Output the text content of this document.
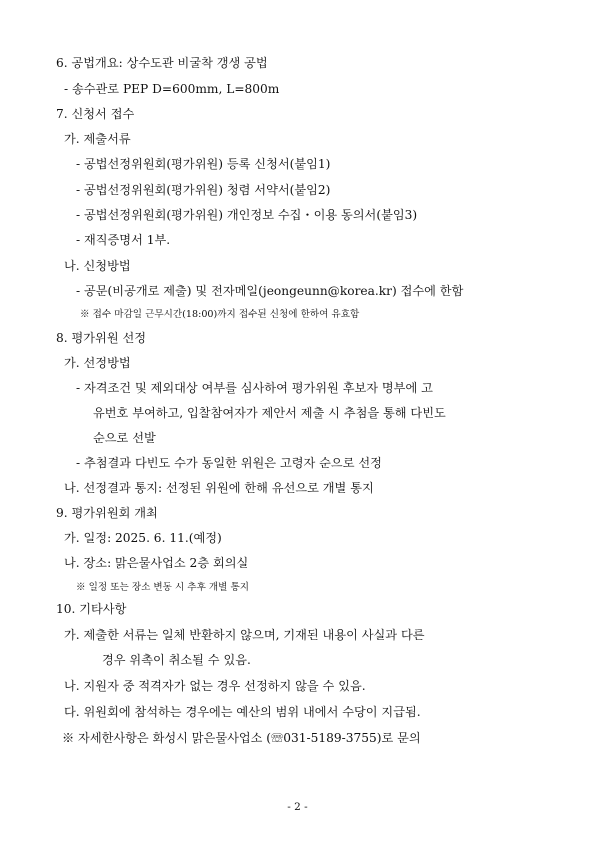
6. 공법개요: 상수도관 비굴착 갱생 공법
- 송수관로 PEP D=600mm, L=800m
7. 신청서 접수
가. 제출서류
- 공법선정위원회(평가위원) 등록 신청서(붙임1)
- 공법선정위원회(평가위원) 청렴 서약서(붙임2)
- 공법선정위원회(평가위원) 개인정보 수집・이용 동의서(붙임3)
- 재직증명서 1부.
나. 신청방법
- 공문(비공개로 제출) 및 전자메일(jeongeunn@korea.kr) 접수에 한함
※ 접수 마감일 근무시간(18:00)까지 접수된 신청에 한하여 유효함
8. 평가위원 선정
가. 선정방법
- 자격조건 및 제외대상 여부를 심사하여 평가위원 후보자 명부에 고
유번호 부여하고, 입찰참여자가 제안서 제출 시 추첨을 통해 다빈도
순으로 선발
- 추첨결과 다빈도 수가 동일한 위원은 고령자 순으로 선정
나. 선정결과 통지: 선정된 위원에 한해 유선으로 개별 통지
9. 평가위원회 개최
가. 일정: 2025. 6. 11.(예정)
나. 장소: 맑은물사업소 2층 회의실
※ 일정 또는 장소 변동 시 추후 개별 통지
10. 기타사항
가. 제출한 서류는 일체 반환하지 않으며, 기재된 내용이 사실과 다른
경우 위촉이 취소될 수 있음.
나. 지원자 중 적격자가 없는 경우 선정하지 않을 수 있음.
다. 위원회에 참석하는 경우에는 예산의 범위 내에서 수당이 지급됨.
※ 자세한사항은 화성시 맑은물사업소 (☏031-5189-3755)로 문의
- 2 -
